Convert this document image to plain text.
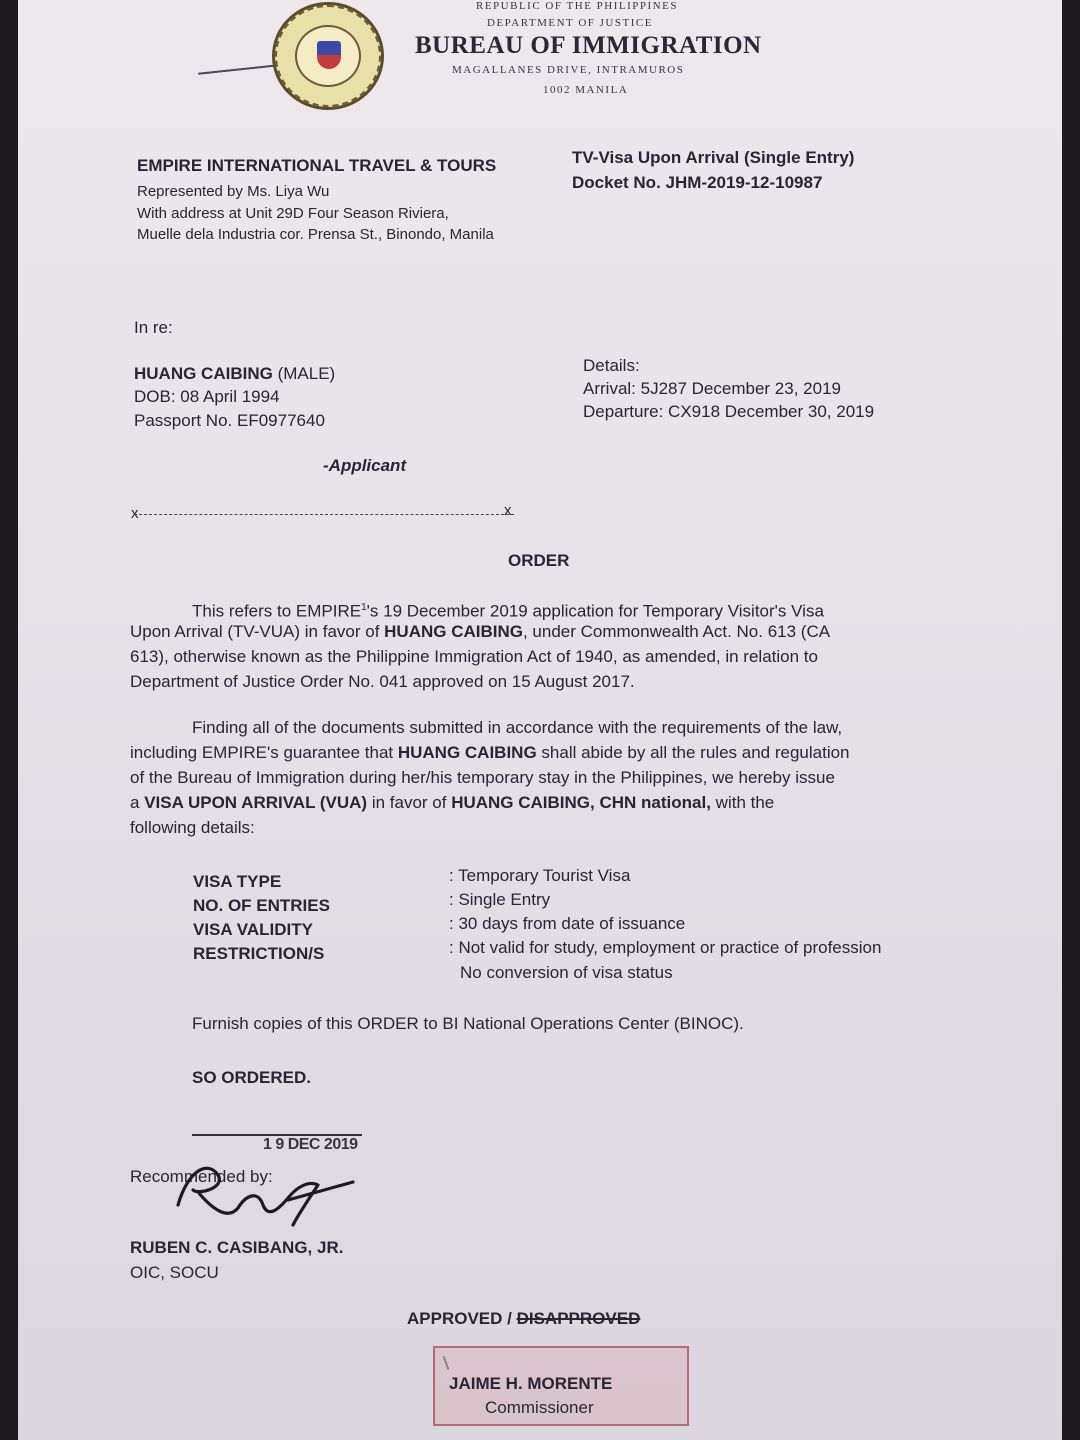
REPUBLIC OF THE PHILIPPINES
DEPARTMENT OF JUSTICE
BUREAU OF IMMIGRATION
MAGALLANES DRIVE, INTRAMUROS
1002 MANILA
EMPIRE INTERNATIONAL TRAVEL & TOURS
Represented by Ms. Liya Wu
With address at Unit 29D Four Season Riviera,
Muelle dela Industria cor. Prensa St., Binondo, Manila
TV-Visa Upon Arrival (Single Entry)
Docket No. JHM-2019-12-10987
In re:
HUANG CAIBING (MALE)
DOB: 08 April 1994
Passport No. EF0977640
-Applicant
Details:
Arrival: 5J287 December 23, 2019
Departure: CX918 December 30, 2019
x	x
ORDER
This refers to EMPIRE$^1$'s 19 December 2019 application for Temporary Visitor's Visa
Upon Arrival (TV-VUA) in favor of HUANG CAIBING, under Commonwealth Act. No. 613 (CA
613), otherwise known as the Philippine Immigration Act of 1940, as amended, in relation to
Department of Justice Order No. 041 approved on 15 August 2017.
Finding all of the documents submitted in accordance with the requirements of the law,
including EMPIRE's guarantee that HUANG CAIBING shall abide by all the rules and regulation
of the Bureau of Immigration during her/his temporary stay in the Philippines, we hereby issue
a VISA UPON ARRIVAL (VUA) in favor of HUANG CAIBING, CHN national, with the
following details:
VISA TYPE	: Temporary Tourist Visa
NO. OF ENTRIES	: Single Entry
VISA VALIDITY	: 30 days from date of issuance
RESTRICTION/S	: Not valid for study, employment or practice of profession
No conversion of visa status
Furnish copies of this ORDER to BI National Operations Center (BINOC).
SO ORDERED.
1 9 DEC 2019
Recommended by:
RUBEN C. CASIBANG, JR.
OIC, SOCU
APPROVED / DISAPPROVED
JAIME H. MORENTE
Commissioner
